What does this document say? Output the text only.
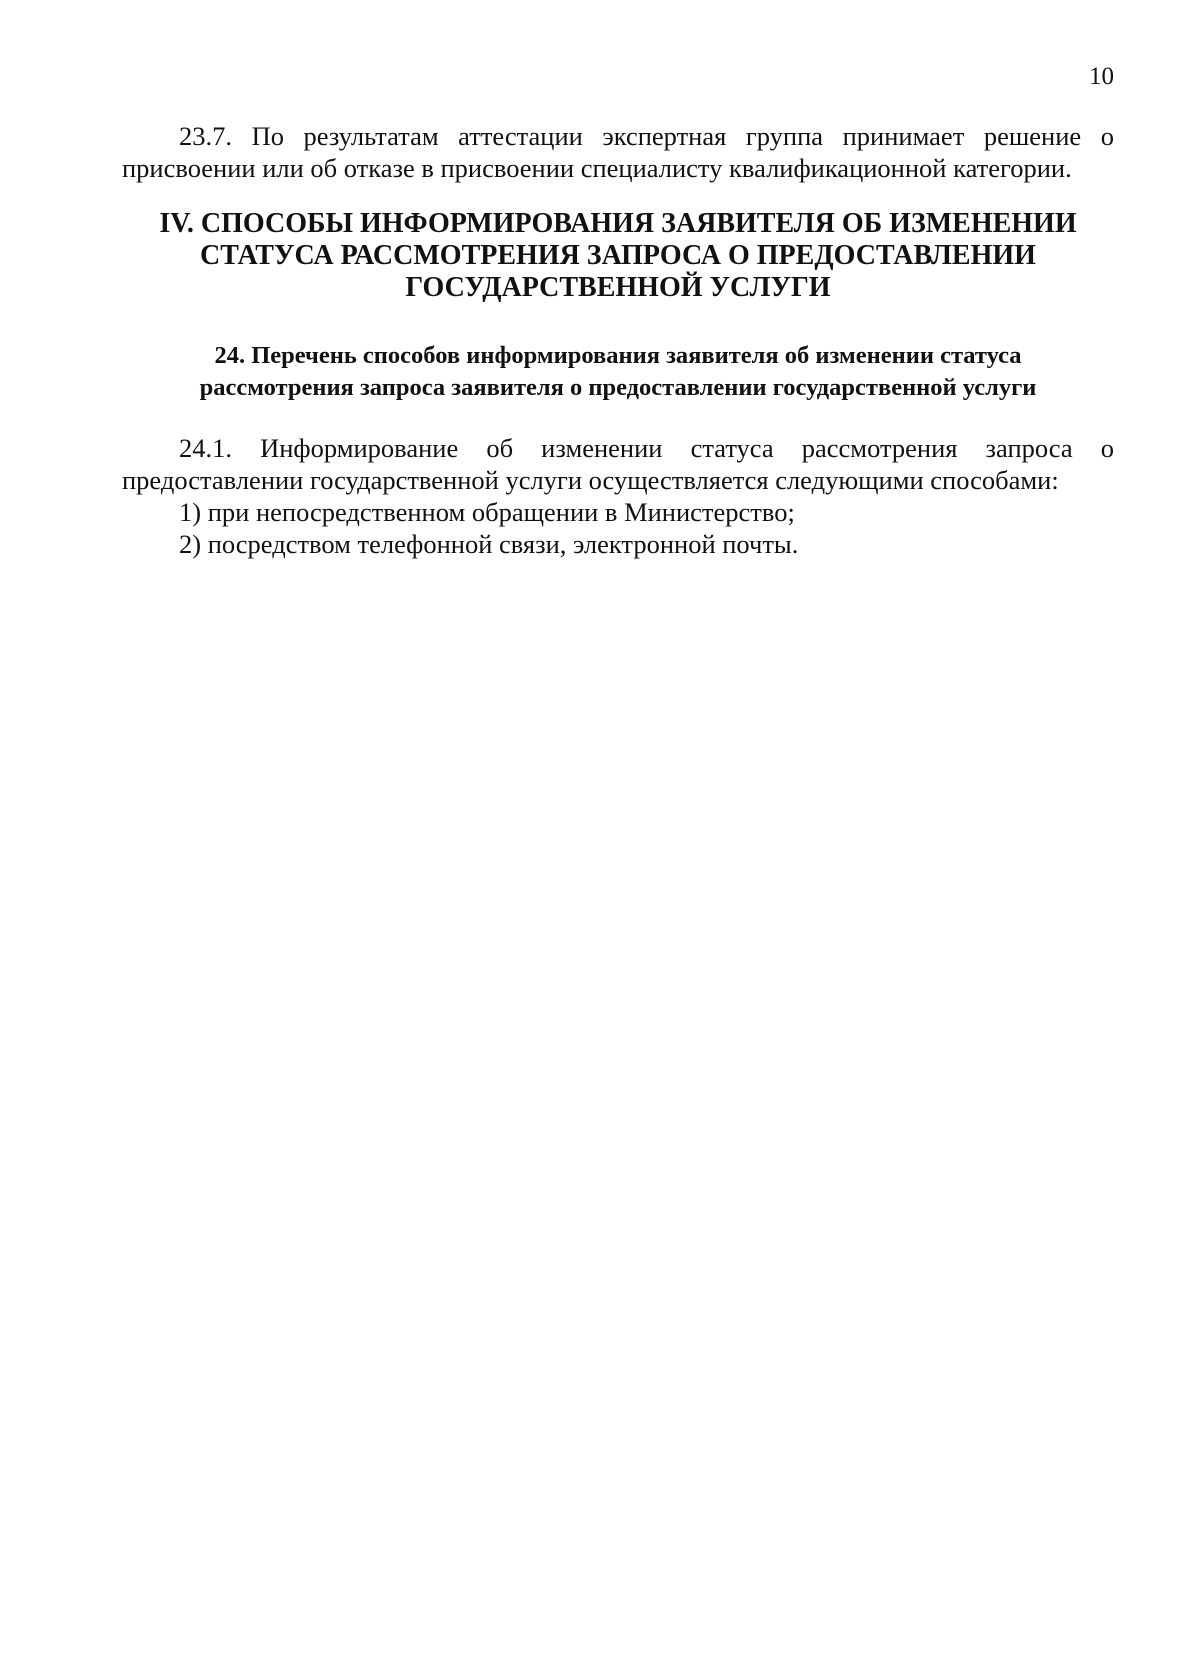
10

23.7. По результатам аттестации экспертная группа принимает решение о присвоении или об отказе в присвоении специалисту квалификационной категории.

IV. СПОСОБЫ ИНФОРМИРОВАНИЯ ЗАЯВИТЕЛЯ ОБ ИЗМЕНЕНИИ
СТАТУСА РАССМОТРЕНИЯ ЗАПРОСА О ПРЕДОСТАВЛЕНИИ
ГОСУДАРСТВЕННОЙ УСЛУГИ
24. Перечень способов информирования заявителя об изменении статуса
рассмотрения запроса заявителя о предоставлении государственной услуги

24.1. Информирование об изменении статуса рассмотрения запроса о предоставлении государственной услуги осуществляется следующими способами:

1) при непосредственном обращении в Министерство;
2) посредством телефонной связи, электронной почты.
